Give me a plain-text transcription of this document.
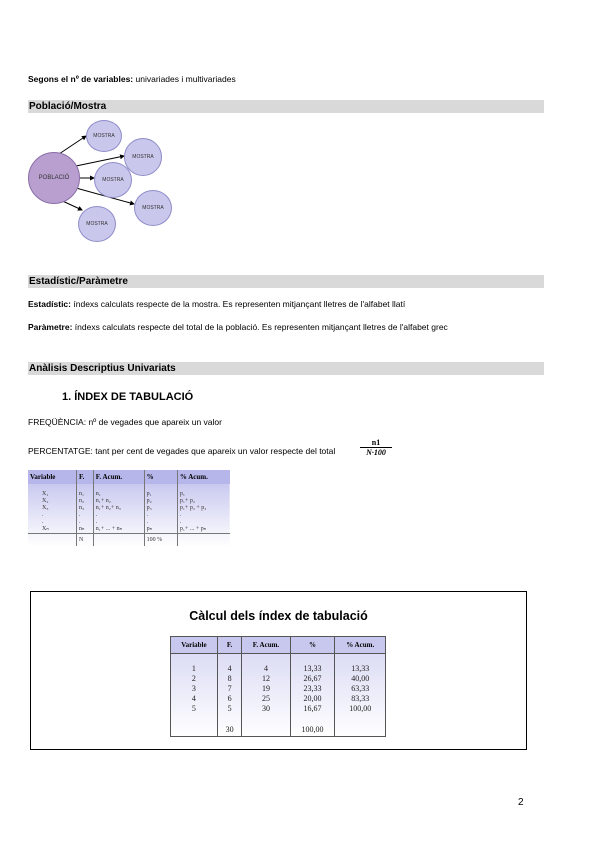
Segons el nº de variables: univariades i multivariades
Població/Mostra
POBLACIÓ
MOSTRA
MOSTRA
MOSTRA
MOSTRA
MOSTRA
Estadístic/Paràmetre
Estadístic: índexs calculats respecte de la mostra. Es representen mitjançant lletres de l'alfabet llatí
Paràmetre: índexs calculats respecte del total de la població. Es representen mitjançant lletres de l'alfabet grec
Anàlisis Descriptius Univariats
1. ÍNDEX DE TABULACIÓ
FREQÜÈNCIA: nº de vegades que apareix un valor
PERCENTATGE: tant per cent de vegades que apareix un valor respecte del total	$\frac{n1}{N\cdot 100}$
Variable	F.	F. Acum.	%	% Acum.

X₁	n₁	n₁	p₁	p₁
X₂	n₂	n₁+ n₂	p₂	p₁+ p₂
X₃	n₃	n₁+ n₂+ n₃	p₃	p₁+ p₂ + p₃
.	.	.	.	.
.	.	.	.	.
Xₙ	nₙ	n₁+ ... + nₙ	pₙ	p₁+ ... + pₙ
	N		100 %	
Càlcul dels índex de tabulació
Variable	F.	F. Acum.	%	% Acum.

1	4	4	13,33	13,33
2	8	12	26,67	40,00
3	7	19	23,33	63,33
4	6	25	20,00	83,33
5	5	30	16,67	100,00

	30		100,00	
2
